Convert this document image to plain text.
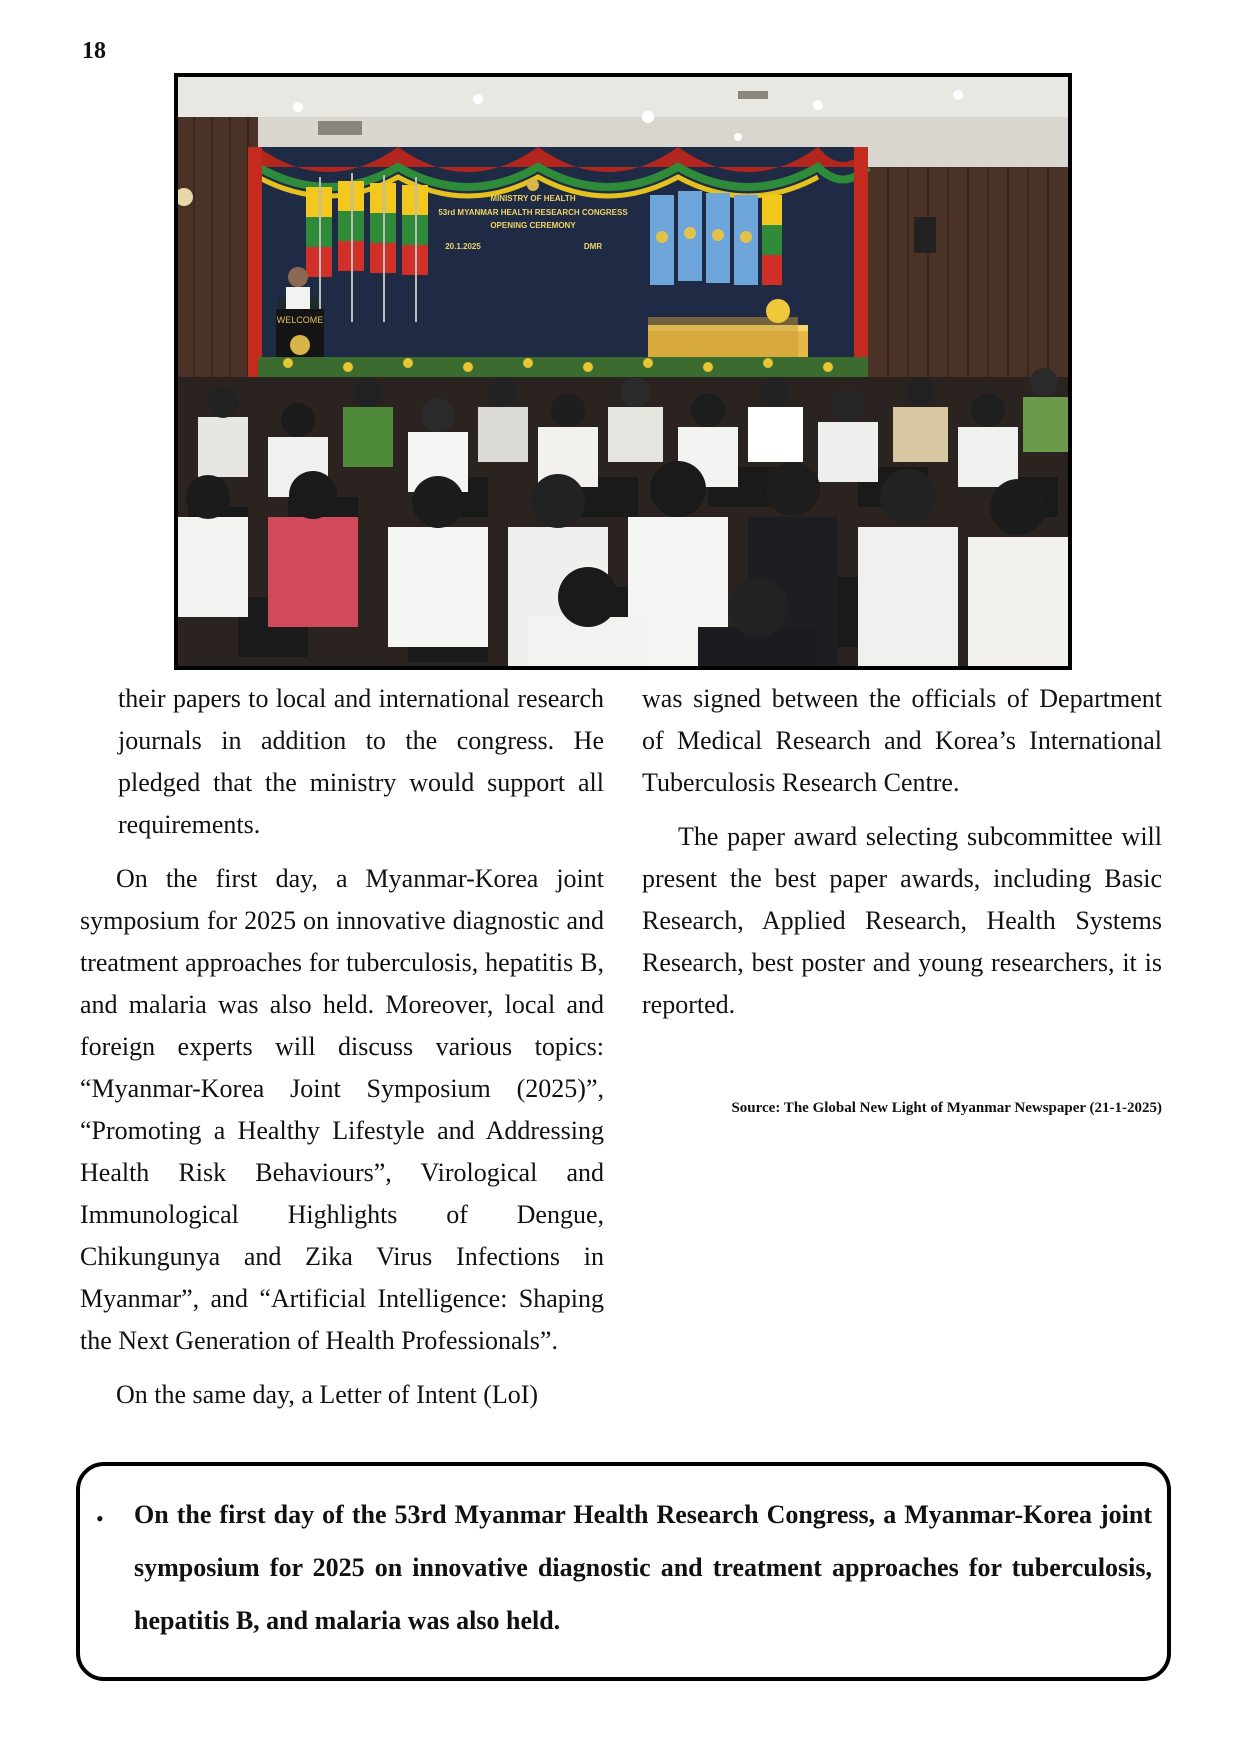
18
MINISTRY OF HEALTH
53rd MYANMAR HEALTH RESEARCH CONGRESS
OPENING CEREMONY
20.1.2025	DMR
WELCOME

their papers to local and international research journals in addition to the congress. He pledged that the ministry would support all requirements.

On the first day, a Myanmar-Korea joint symposium for 2025 on innovative diagnostic and treatment approaches for tuberculosis, hepatitis B, and malaria was also held. Moreover, local and foreign experts will discuss various topics: “Myanmar-Korea Joint Symposium (2025)”, “Promoting a Healthy Lifestyle and Addressing Health Risk Behaviours”, Virological and Immunological Highlights of Dengue, Chikungunya and Zika Virus Infections in Myanmar”, and “Artificial Intelligence: Shaping the Next Generation of Health Professionals”.

On the same day, a Letter of Intent (LoI)

was signed between the officials of Department of Medical Research and Korea’s International Tuberculosis Research Centre.

The paper award selecting subcommittee will present the best paper awards, including Basic Research, Applied Research, Health Systems Research, best poster and young researchers, it is reported.

Source: The Global New Light of Myanmar Newspaper (21-1-2025)
• On the first day of the 53rd Myanmar Health Research Congress, a Myanmar-Korea joint symposium for 2025 on innovative diagnostic and treatment approaches for tuberculosis, hepatitis B, and malaria was also held.
